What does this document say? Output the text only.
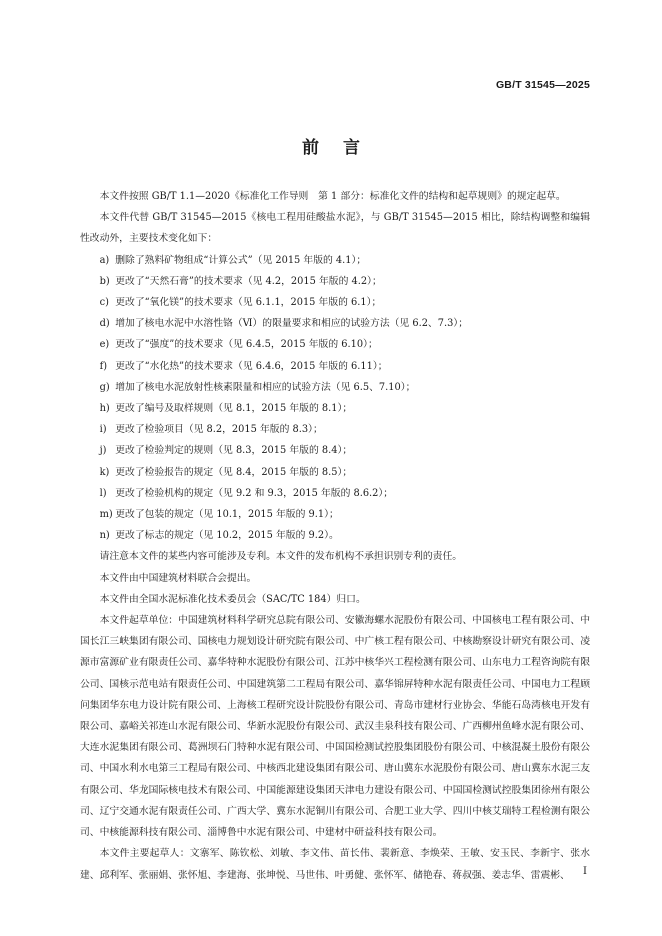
GB/T 31545—2025
前言

本文件按照 GB/T 1.1—2020《标准化工作导则　第 1 部分：标准化文件的结构和起草规则》的规定起草。

本文件代替 GB/T 31545—2015《核电工程用硅酸盐水泥》，与 GB/T 31545—2015 相比，除结构调整和编辑性改动外，主要技术变化如下：

a) 删除了熟料矿物组成“计算公式”（见 2015 年版的 4.1）；
b) 更改了“天然石膏”的技术要求（见 4.2，2015 年版的 4.2）；
c) 更改了“氧化镁”的技术要求（见 6.1.1，2015 年版的 6.1）；
d) 增加了核电水泥中水溶性铬（Ⅵ）的限量要求和相应的试验方法（见 6.2、7.3）；
e) 更改了“强度”的技术要求（见 6.4.5，2015 年版的 6.10）；
f) 更改了“水化热”的技术要求（见 6.4.6，2015 年版的 6.11）；
g) 增加了核电水泥放射性核素限量和相应的试验方法（见 6.5、7.10）；
h) 更改了编号及取样规则（见 8.1，2015 年版的 8.1）；
i) 更改了检验项目（见 8.2，2015 年版的 8.3）；
j) 更改了检验判定的规则（见 8.3，2015 年版的 8.4）；
k) 更改了检验报告的规定（见 8.4，2015 年版的 8.5）；
l) 更改了检验机构的规定（见 9.2 和 9.3，2015 年版的 8.6.2）；
m) 更改了包装的规定（见 10.1，2015 年版的 9.1）；
n) 更改了标志的规定（见 10.2，2015 年版的 9.2）。

请注意本文件的某些内容可能涉及专利。本文件的发布机构不承担识别专利的责任。

本文件由中国建筑材料联合会提出。

本文件由全国水泥标准化技术委员会（SAC/TC 184）归口。

本文件起草单位：中国建筑材料科学研究总院有限公司、安徽海螺水泥股份有限公司、中国核电工程有限公司、中国长江三峡集团有限公司、国核电力规划设计研究院有限公司、中广核工程有限公司、中核勘察设计研究有限公司、凌源市富源矿业有限责任公司、嘉华特种水泥股份有限公司、江苏中核华兴工程检测有限公司、山东电力工程咨询院有限公司、国核示范电站有限责任公司、中国建筑第二工程局有限公司、嘉华锦屏特种水泥有限责任公司、中国电力工程顾问集团华东电力设计院有限公司、上海核工程研究设计院股份有限公司、青岛市建材行业协会、华能石岛湾核电开发有限公司、嘉峪关祁连山水泥有限公司、华新水泥股份有限公司、武汉圭泉科技有限公司、广西柳州鱼峰水泥有限公司、大连水泥集团有限公司、葛洲坝石门特种水泥有限公司、中国国检测试控股集团股份有限公司、中核混凝土股份有限公司、中国水利水电第三工程局有限公司、中核西北建设集团有限公司、唐山冀东水泥股份有限公司、唐山冀东水泥三友有限公司、华龙国际核电技术有限公司、中国能源建设集团天津电力建设有限公司、中国国检测试控股集团徐州有限公司、辽宁交通水泥有限责任公司、广西大学、冀东水泥铜川有限公司、合肥工业大学、四川中核艾瑞特工程检测有限公司、中核能源科技有限公司、淄博鲁中水泥有限公司、中建材中研益科技有限公司。

本文件主要起草人：文寨军、陈钦松、刘敏、李文伟、苗长伟、裴新意、李焕荣、王敏、安玉民、李新宇、张水建、邱利军、张丽娟、张怀旭、李建海、张坤悦、马世伟、叶勇健、张怀军、储艳春、蒋叔强、姜志华、雷震彬、	I
